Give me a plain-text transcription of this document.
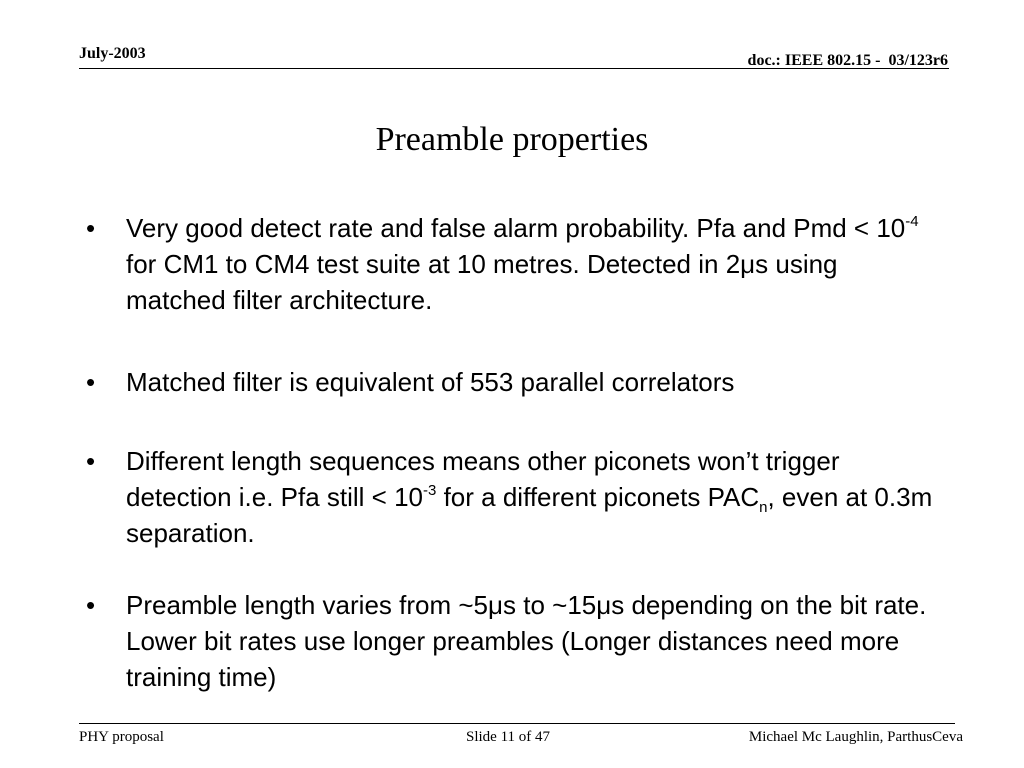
July-2003	doc.: IEEE 802.15 -  03/123r6
Preamble properties
•	Very good detect rate and false alarm probability. Pfa and Pmd < $10^{-4}$ for CM1 to CM4 test suite at 10 metres. Detected in 2μs using matched filter architecture.
•	Matched filter is equivalent of 553 parallel correlators
•	Different length sequences means other piconets won’t trigger detection i.e. Pfa still < $10^{-3}$ for a different piconets $PAC_n$, even at 0.3m separation.
•	Preamble length varies from ~5μs to ~15μs depending on the bit rate. Lower bit rates use longer preambles (Longer distances need more training time)
PHY proposal	Slide 11 of 47	Michael Mc Laughlin, ParthusCeva
